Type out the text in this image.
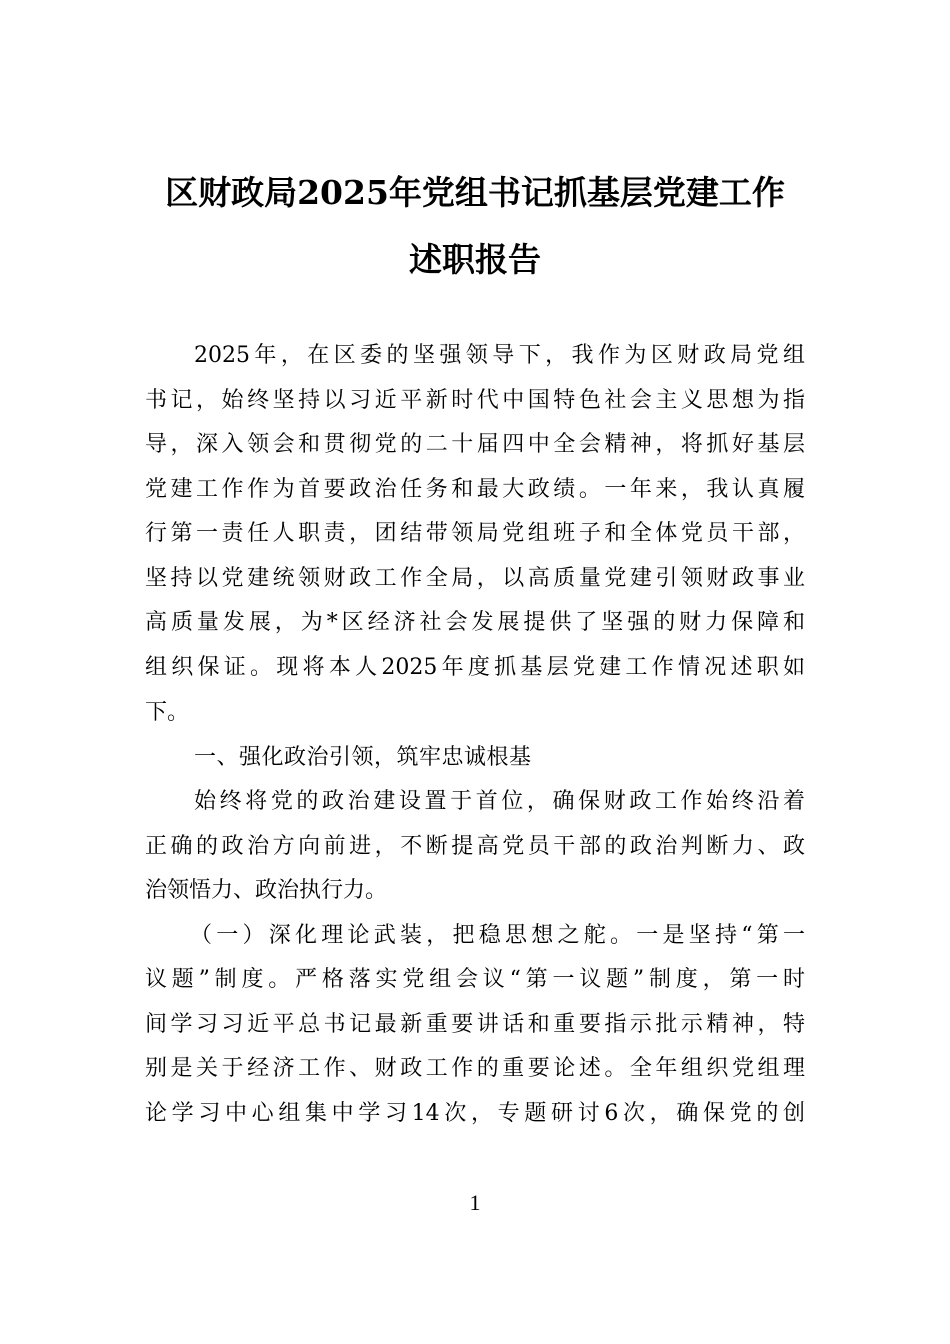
区财政局2025年党组书记抓基层党建工作
述职报告
2025年，在区委的坚强领导下，我作为区财政局党组
书记，始终坚持以习近平新时代中国特色社会主义思想为指
导，深入领会和贯彻党的二十届四中全会精神，将抓好基层
党建工作作为首要政治任务和最大政绩。一年来，我认真履
行第一责任人职责，团结带领局党组班子和全体党员干部，
坚持以党建统领财政工作全局，以高质量党建引领财政事业
高质量发展，为*区经济社会发展提供了坚强的财力保障和
组织保证。现将本人2025年度抓基层党建工作情况述职如
下。
一、强化政治引领，筑牢忠诚根基
始终将党的政治建设置于首位，确保财政工作始终沿着
正确的政治方向前进，不断提高党员干部的政治判断力、政
治领悟力、政治执行力。
（一）深化理论武装，把稳思想之舵。一是坚持“第一
议题”制度。严格落实党组会议“第一议题”制度，第一时
间学习习近平总书记最新重要讲话和重要指示批示精神，特
别是关于经济工作、财政工作的重要论述。全年组织党组理
论学习中心组集中学习14次，专题研讨6次，确保党的创
1
